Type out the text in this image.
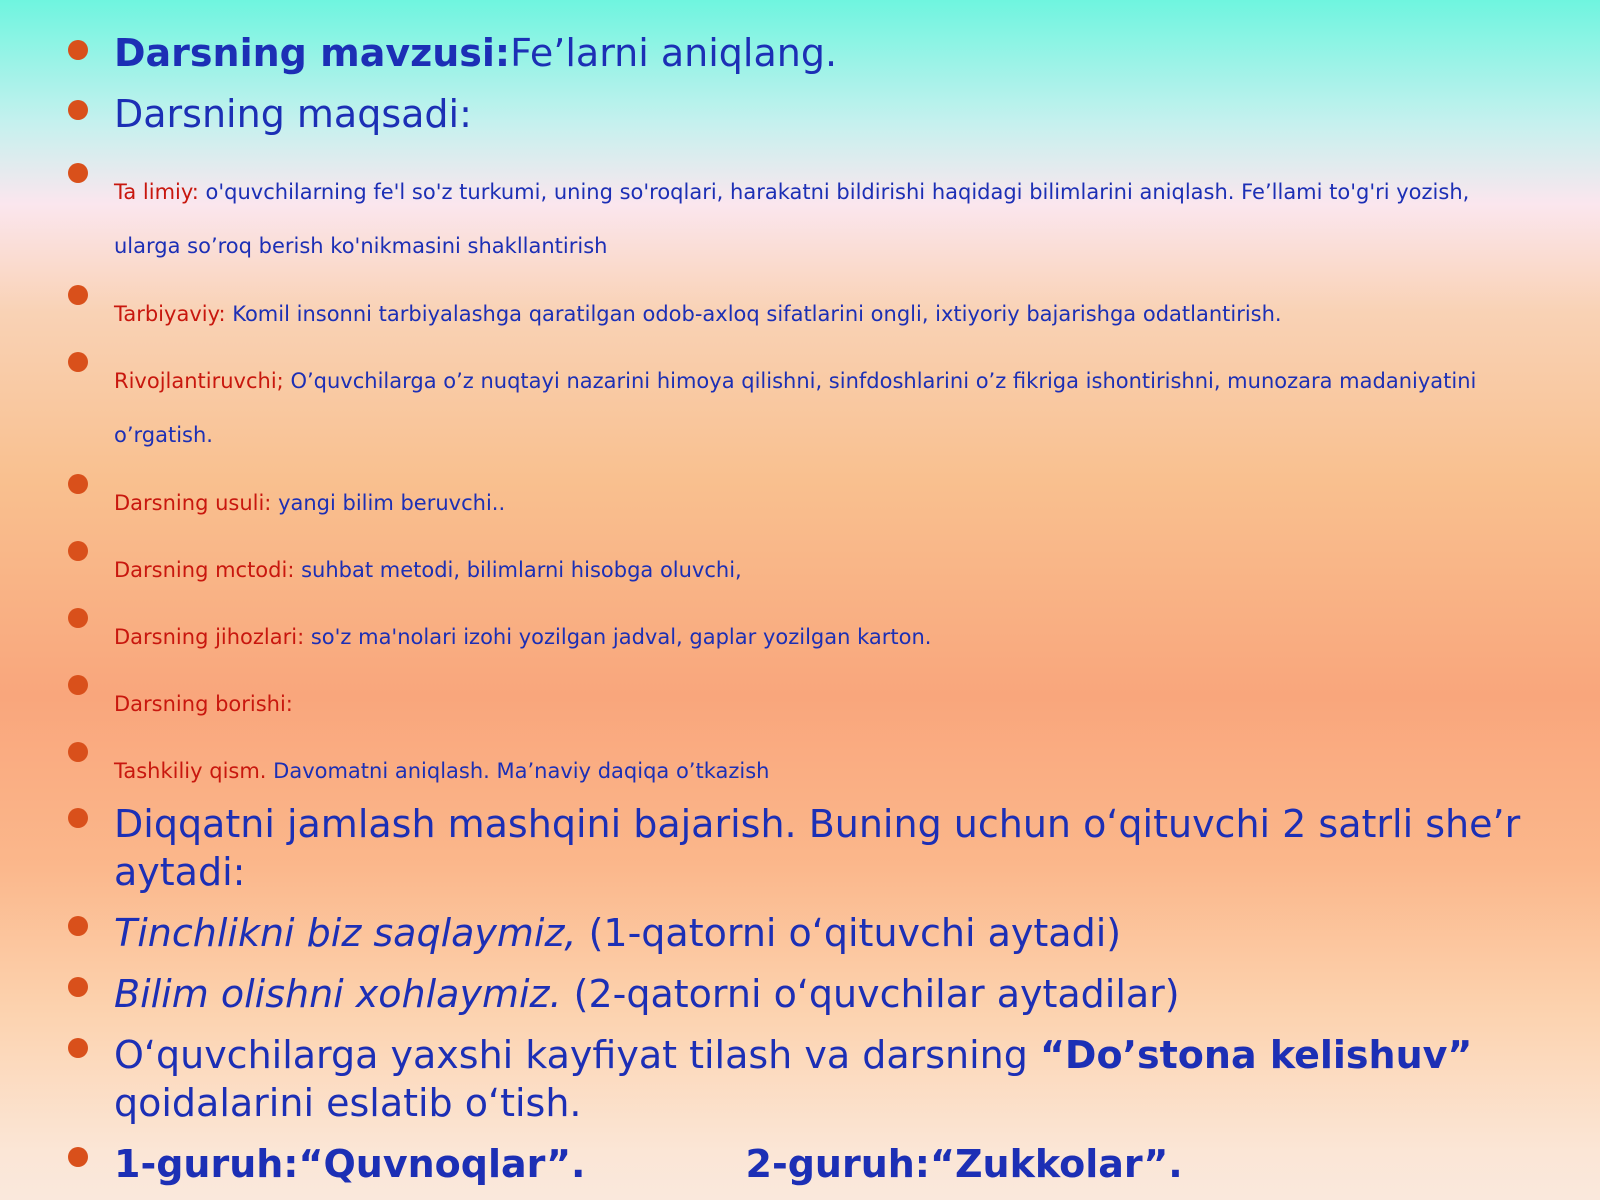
Darsning mavzusi:Fe’larni aniqlang.
Darsning maqsadi:
Ta limiy: o'quvchilarning fe'l so'z turkumi, uning so'roqlari, harakatni bildirishi haqidagi bilimlarini aniqlash. Fe’llami to'g'ri yozish, ularga so’roq berish ko'nikmasini shakllantirish
Tarbiyaviy: Komil insonni tarbiyalashga qaratilgan odob-axloq sifatlarini ongli, ixtiyoriy bajarishga odatlantirish.
Rivojlantiruvchi; O’quvchilarga o’z nuqtayi nazarini himoya qilishni, sinfdoshlarini o’z fikriga ishontirishni, munozara madaniyatini o’rgatish.
Darsning usuli: yangi bilim beruvchi..
Darsning mctodi: suhbat metodi, bilimlarni hisobga oluvchi,
Darsning jihozlari: so'z ma'nolari izohi yozilgan jadval, gaplar yozilgan karton.
Darsning borishi:
Tashkiliy qism. Davomatni aniqlash. Ma’naviy daqiqa o’tkazish
Diqqatni jamlash mashqini bajarish. Buning uchun o‘qituvchi 2 satrli she’r aytadi:
Tinchlikni biz saqlaymiz, (1-qatorni o‘qituvchi aytadi)
Bilim olishni xohlaymiz. (2-qatorni o‘quvchilar aytadilar)
O‘quvchilarga yaxshi kayfiyat tilash va darsning “Do’stona kelishuv” qoidalarini eslatib o‘tish.
1-guruh:“Quvnoqlar”.	2-guruh:“Zukkolar”.
